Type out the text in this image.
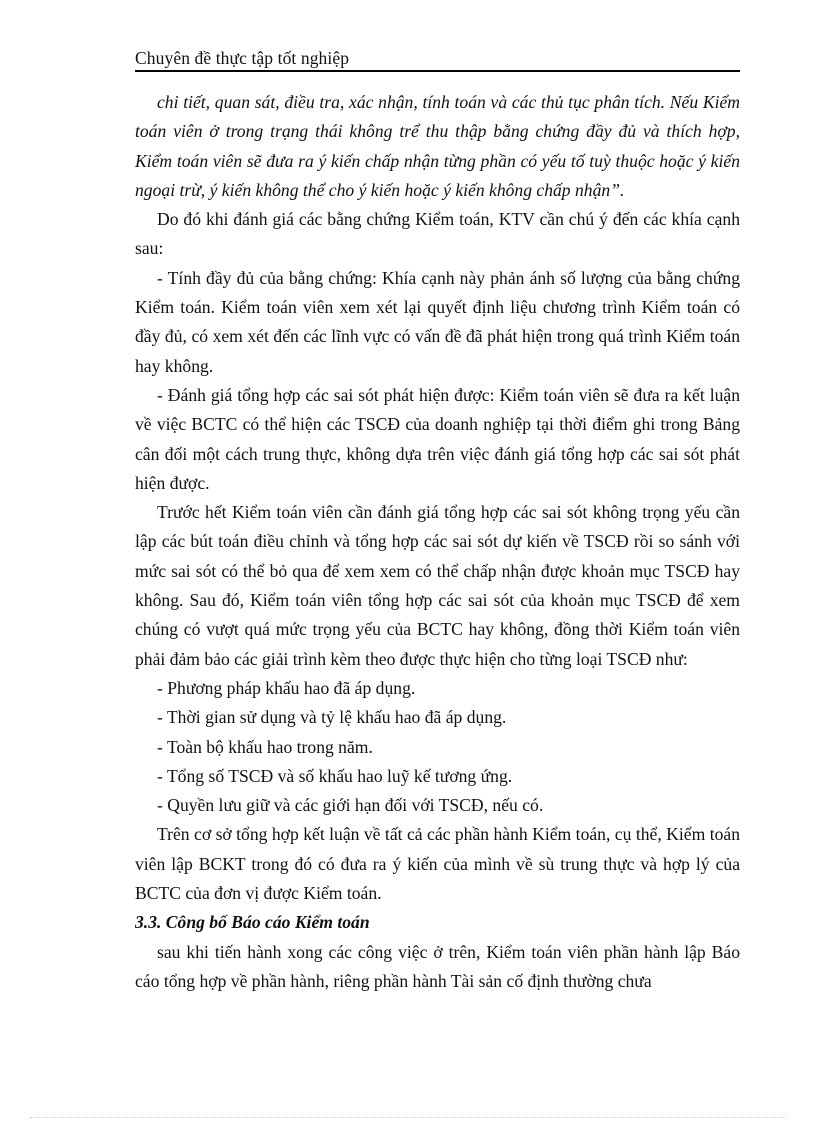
Chuyên đề thực tập tốt nghiệp

chi tiết, quan sát, điều tra, xác nhận, tính toán và các thủ tục phân tích. Nếu Kiểm toán viên ở trong trạng thái không trể thu thập bằng chứng đầy đủ và thích hợp, Kiểm toán viên sẽ đưa ra ý kiến chấp nhận từng phần có yếu tố tuỳ thuộc hoặc ý kiến ngoại trừ, ý kiến không thể cho ý kiến hoặc ý kiến không chấp nhận”.

Do đó khi đánh giá các bằng chứng Kiểm toán, KTV cần chú ý đến các khía cạnh sau:

- Tính đầy đủ của bằng chứng: Khía cạnh này phản ánh số lượng của bằng chứng Kiểm toán. Kiểm toán viên xem xét lại quyết định liệu chương trình Kiểm toán có đầy đủ, có xem xét đến các lĩnh vực có vấn đề đã phát hiện trong quá trình Kiểm toán hay không.

- Đánh giá tổng hợp các sai sót phát hiện được: Kiểm toán viên sẽ đưa ra kết luận về việc BCTC có thể hiện các TSCĐ của doanh nghiệp tại thời điểm ghi trong Bảng cân đối một cách trung thực, không dựa trên việc đánh giá tổng hợp các sai sót phát hiện được.

Trước hết Kiểm toán viên cần đánh giá tổng hợp các sai sót không trọng yếu cần lập các bút toán điều chỉnh và tổng hợp các sai sót dự kiến về TSCĐ rồi so sánh với mức sai sót có thể bỏ qua để xem xem có thể chấp nhận được khoản mục TSCĐ hay không. Sau đó, Kiểm toán viên tổng hợp các sai sót của khoản mục TSCĐ để xem chúng có vượt quá mức trọng yếu của BCTC hay không, đồng thời Kiểm toán viên phải đảm bảo các giải trình kèm theo được thực hiện cho từng loại TSCĐ như:

- Phương pháp khấu hao đã áp dụng.

- Thời gian sử dụng và tỷ lệ khấu hao đã áp dụng.

- Toàn bộ khấu hao trong năm.

- Tổng số TSCĐ và số khấu hao luỹ kế tương ứng.

- Quyền lưu giữ và các giới hạn đối với TSCĐ, nếu có.

Trên cơ sở tổng hợp kết luận về tất cả các phần hành Kiểm toán, cụ thể, Kiểm toán viên lập BCKT trong đó có đưa ra ý kiến của mình về sù trung thực và hợp lý của BCTC của đơn vị được Kiểm toán.

3.3. Công bố Báo cáo Kiểm toán

sau khi tiến hành xong các công việc ở trên, Kiểm toán viên phần hành lập Báo cáo tổng hợp về phần hành, riêng phần hành Tài sản cố định thường chưa
